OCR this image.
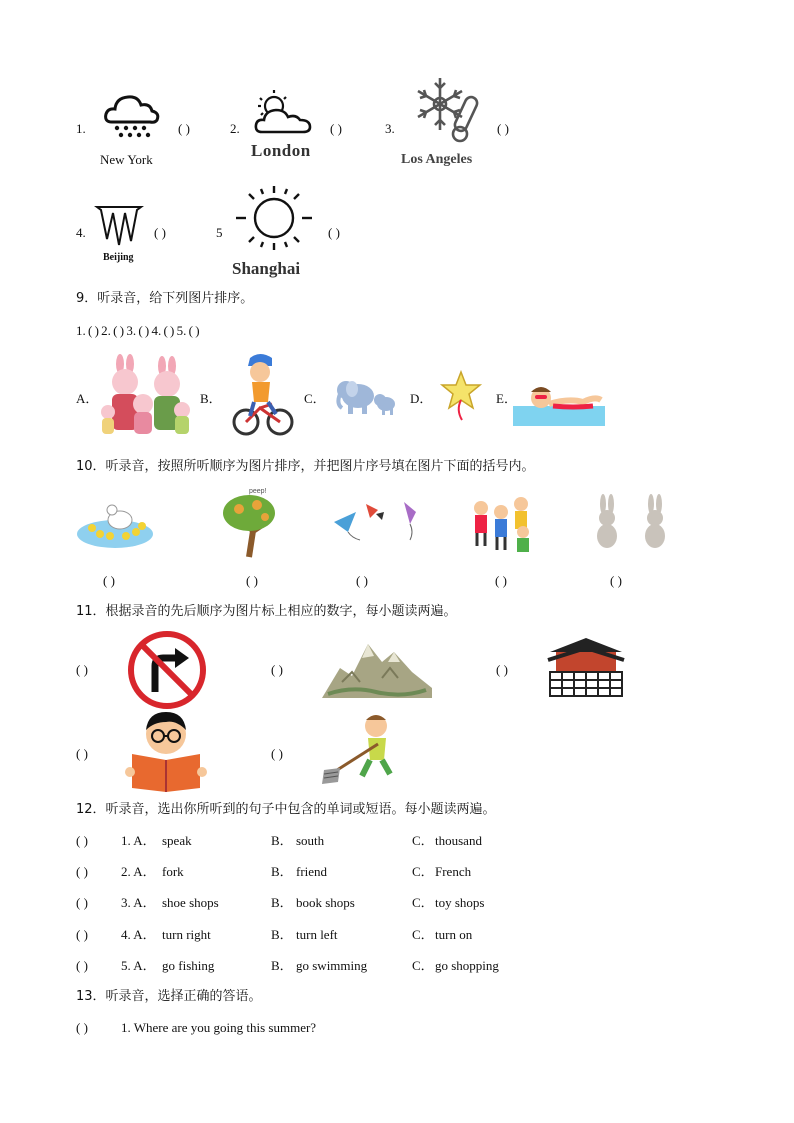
1.
New York
( )	2.
London
( )	3.
Los Angeles
( )
4.
Beijing
( )	5
Shanghai
( )
9．听录音，给下列图片排序。
1. ( ) 2. ( ) 3. ( ) 4. ( ) 5. ( )
A．	B．	C．	D．	E．
10．听录音，按照所听顺序为图片排序，并把图片序号填在图片下面的括号内。
peep!
( )	( )	( )	( )	( )
11．根据录音的先后顺序为图片标上相应的数字，每小题读两遍。
( )	( )	( )
( )	( )
12．听录音，选出你所听到的句子中包含的单词或短语。每小题读两遍。
( )	1. A． speak	B． south	C． thousand
( )	2. A． fork	B． friend	C． French
( )	3. A． shoe shops	B． book shops	C． toy shops
( )	4. A． turn right	B． turn left	C． turn on
( )	5. A． go fishing	B． go swimming	C． go shopping
13．听录音，选择正确的答语。
( )	1. Where are you going this summer?
